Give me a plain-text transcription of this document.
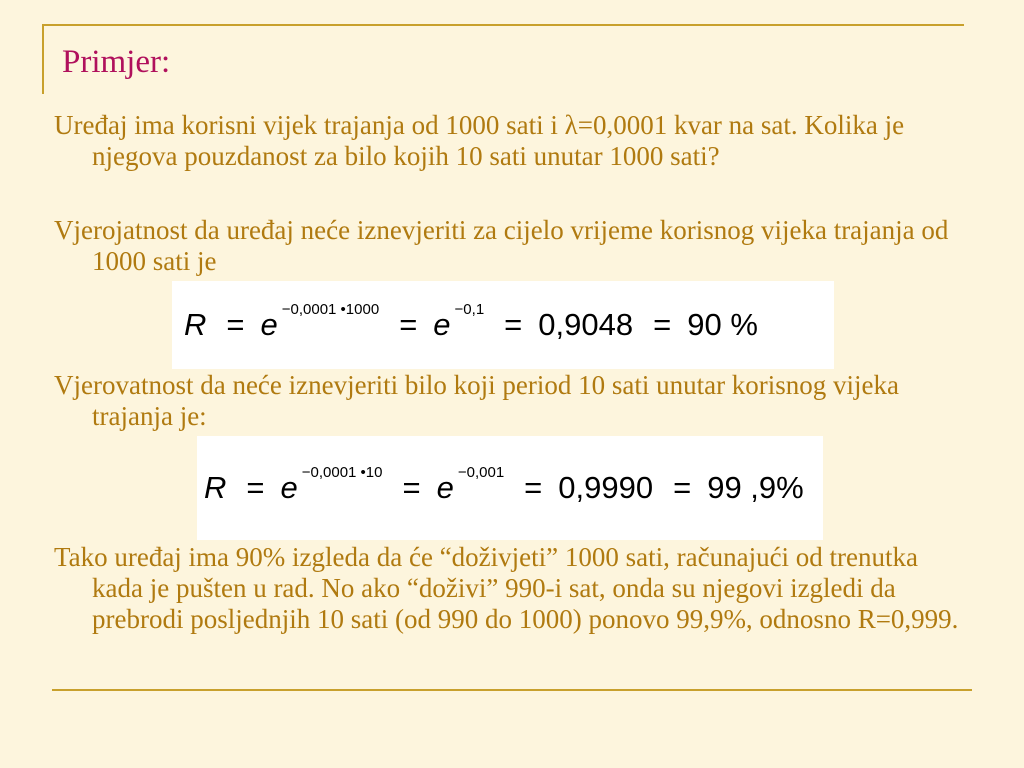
Primjer:

Uređaj ima korisni vijek trajanja od 1000 sati i λ=0,0001 kvar na sat. Kolika je njegova pouzdanost za bilo kojih 10 sati unutar 1000 sati?

Vjerojatnost da uređaj neće iznevjeriti za cijelo vrijeme korisnog vijeka trajanja od 1000 sati je

R = e −0,0001 •1000 = e −0,1 = 0,9048 = 90 %

Vjerovatnost da neće iznevjeriti bilo koji period 10 sati unutar korisnog vijeka trajanja je:

R = e −0,0001 •10 = e −0,001 = 0,9990 = 99 ,9%

Tako uređaj ima 90% izgleda da će “doživjeti” 1000 sati, računajući od trenutka kada je pušten u rad. No ako “doživi” 990-i sat, onda su njegovi izgledi da prebrodi posljednjih 10 sati (od 990 do 1000) ponovo 99,9%, odnosno R=0,999.
